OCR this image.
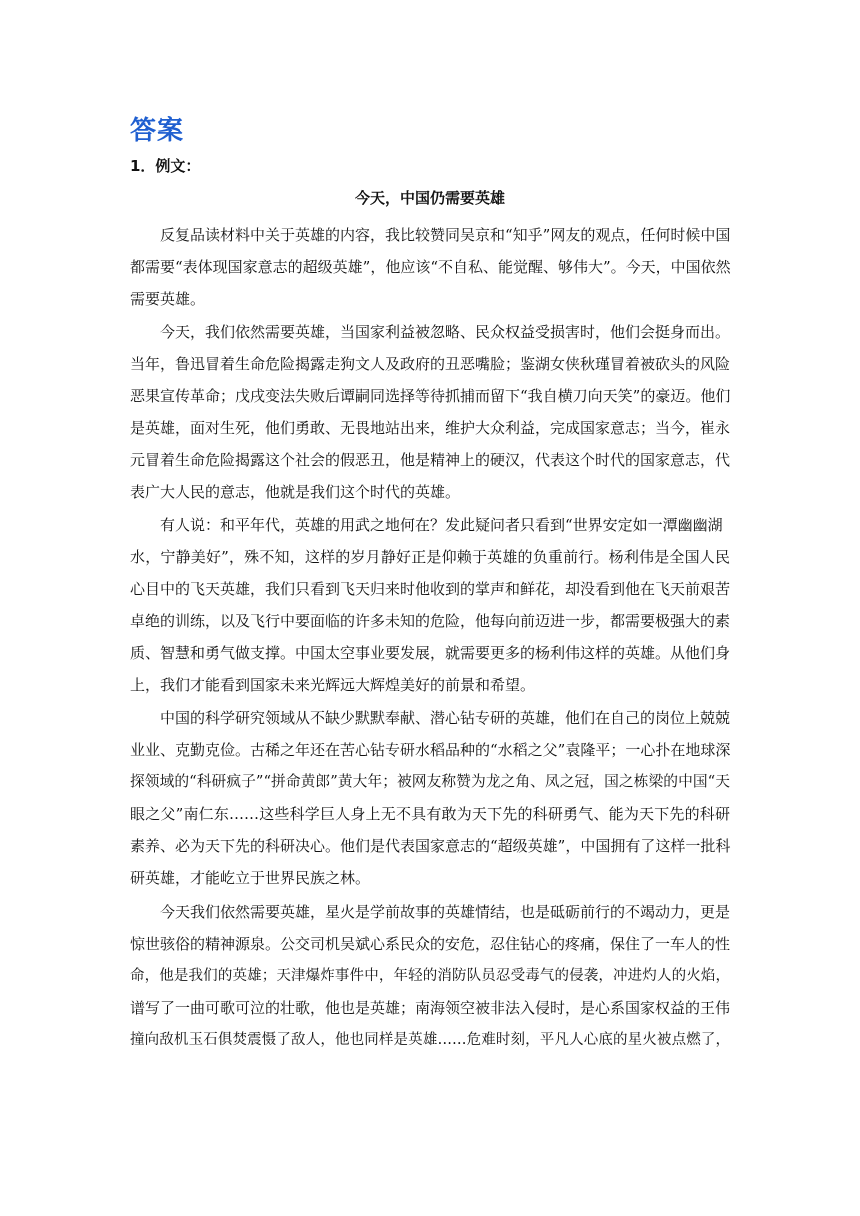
答案
1．例文：
今天，中国仍需要英雄
反复品读材料中关于英雄的内容，我比较赞同吴京和“知乎”网友的观点，任何时候中国
都需要“表体现国家意志的超级英雄”，他应该“不自私、能觉醒、够伟大”。今天，中国依然
需要英雄。
今天，我们依然需要英雄，当国家利益被忽略、民众权益受损害时，他们会挺身而出。
当年，鲁迅冒着生命危险揭露走狗文人及政府的丑恶嘴脸；鉴湖女侠秋瑾冒着被砍头的风险
恶果宣传革命；戊戌变法失败后谭嗣同选择等待抓捕而留下“我自横刀向天笑”的豪迈。他们
是英雄，面对生死，他们勇敢、无畏地站出来，维护大众利益，完成国家意志；当今，崔永
元冒着生命危险揭露这个社会的假恶丑，他是精神上的硬汉，代表这个时代的国家意志，代
表广大人民的意志，他就是我们这个时代的英雄。
有人说：和平年代，英雄的用武之地何在？发此疑问者只看到“世界安定如一潭幽幽湖
水，宁静美好”，殊不知，这样的岁月静好正是仰赖于英雄的负重前行。杨利伟是全国人民
心目中的飞天英雄，我们只看到飞天归来时他收到的掌声和鲜花，却没看到他在飞天前艰苦
卓绝的训练，以及飞行中要面临的许多未知的危险，他每向前迈进一步，都需要极强大的素
质、智慧和勇气做支撑。中国太空事业要发展，就需要更多的杨利伟这样的英雄。从他们身
上，我们才能看到国家未来光辉远大辉煌美好的前景和希望。
中国的科学研究领域从不缺少默默奉献、潜心钻专研的英雄，他们在自己的岗位上兢兢
业业、克勤克俭。古稀之年还在苦心钻专研水稻品种的“水稻之父”袁隆平；一心扑在地球深
探领域的“科研疯子”“拼命黄郎”黄大年；被网友称赞为龙之角、凤之冠，国之栋梁的中国“天
眼之父”南仁东……这些科学巨人身上无不具有敢为天下先的科研勇气、能为天下先的科研
素养、必为天下先的科研决心。他们是代表国家意志的“超级英雄”，中国拥有了这样一批科
研英雄，才能屹立于世界民族之林。
今天我们依然需要英雄，星火是学前故事的英雄情结，也是砥砺前行的不竭动力，更是
惊世骇俗的精神源泉。公交司机吴斌心系民众的安危，忍住钻心的疼痛，保住了一车人的性
命，他是我们的英雄；天津爆炸事件中，年轻的消防队员忍受毒气的侵袭，冲进灼人的火焰，
谱写了一曲可歌可泣的壮歌，他也是英雄；南海领空被非法入侵时，是心系国家权益的王伟
撞向敌机玉石俱焚震慑了敌人，他也同样是英雄……危难时刻，平凡人心底的星火被点燃了，
